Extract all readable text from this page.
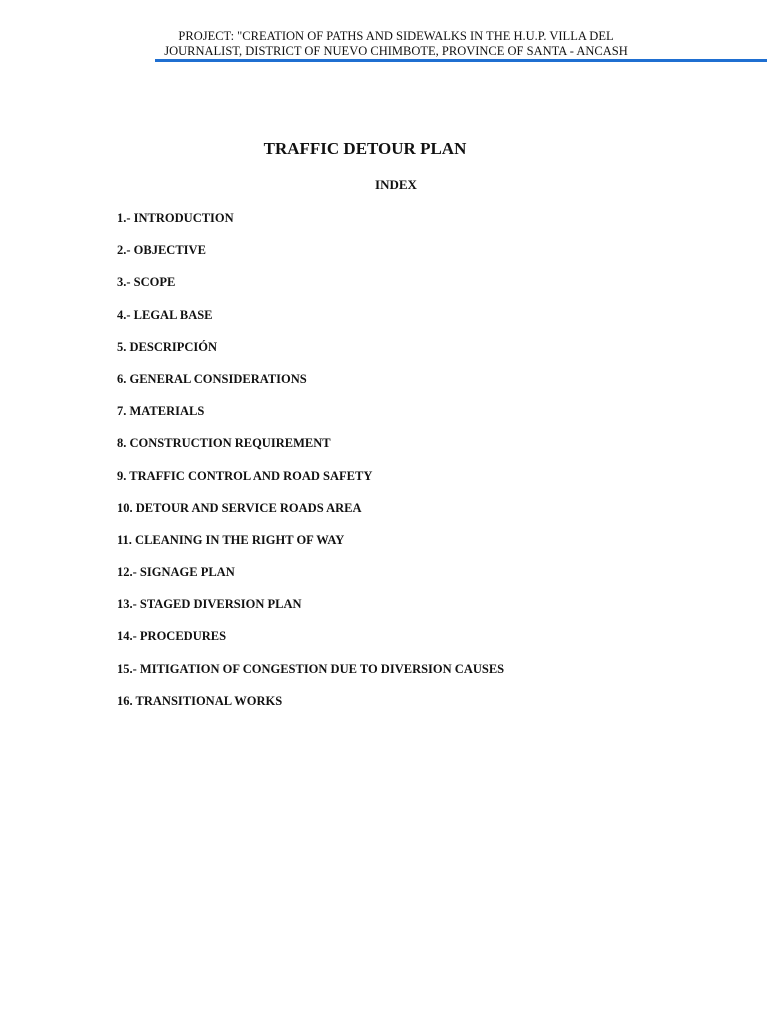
PROJECT: "CREATION OF PATHS AND SIDEWALKS IN THE H.U.P. VILLA DEL
JOURNALIST, DISTRICT OF NUEVO CHIMBOTE, PROVINCE OF SANTA - ANCASH
TRAFFIC DETOUR PLAN
INDEX
1.- INTRODUCTION
2.- OBJECTIVE
3.- SCOPE
4.- LEGAL BASE
5. DESCRIPCIÓN
6. GENERAL CONSIDERATIONS
7. MATERIALS
8. CONSTRUCTION REQUIREMENT
9. TRAFFIC CONTROL AND ROAD SAFETY
10. DETOUR AND SERVICE ROADS AREA
11. CLEANING IN THE RIGHT OF WAY
12.- SIGNAGE PLAN
13.- STAGED DIVERSION PLAN
14.- PROCEDURES
15.- MITIGATION OF CONGESTION DUE TO DIVERSION CAUSES
16. TRANSITIONAL WORKS
